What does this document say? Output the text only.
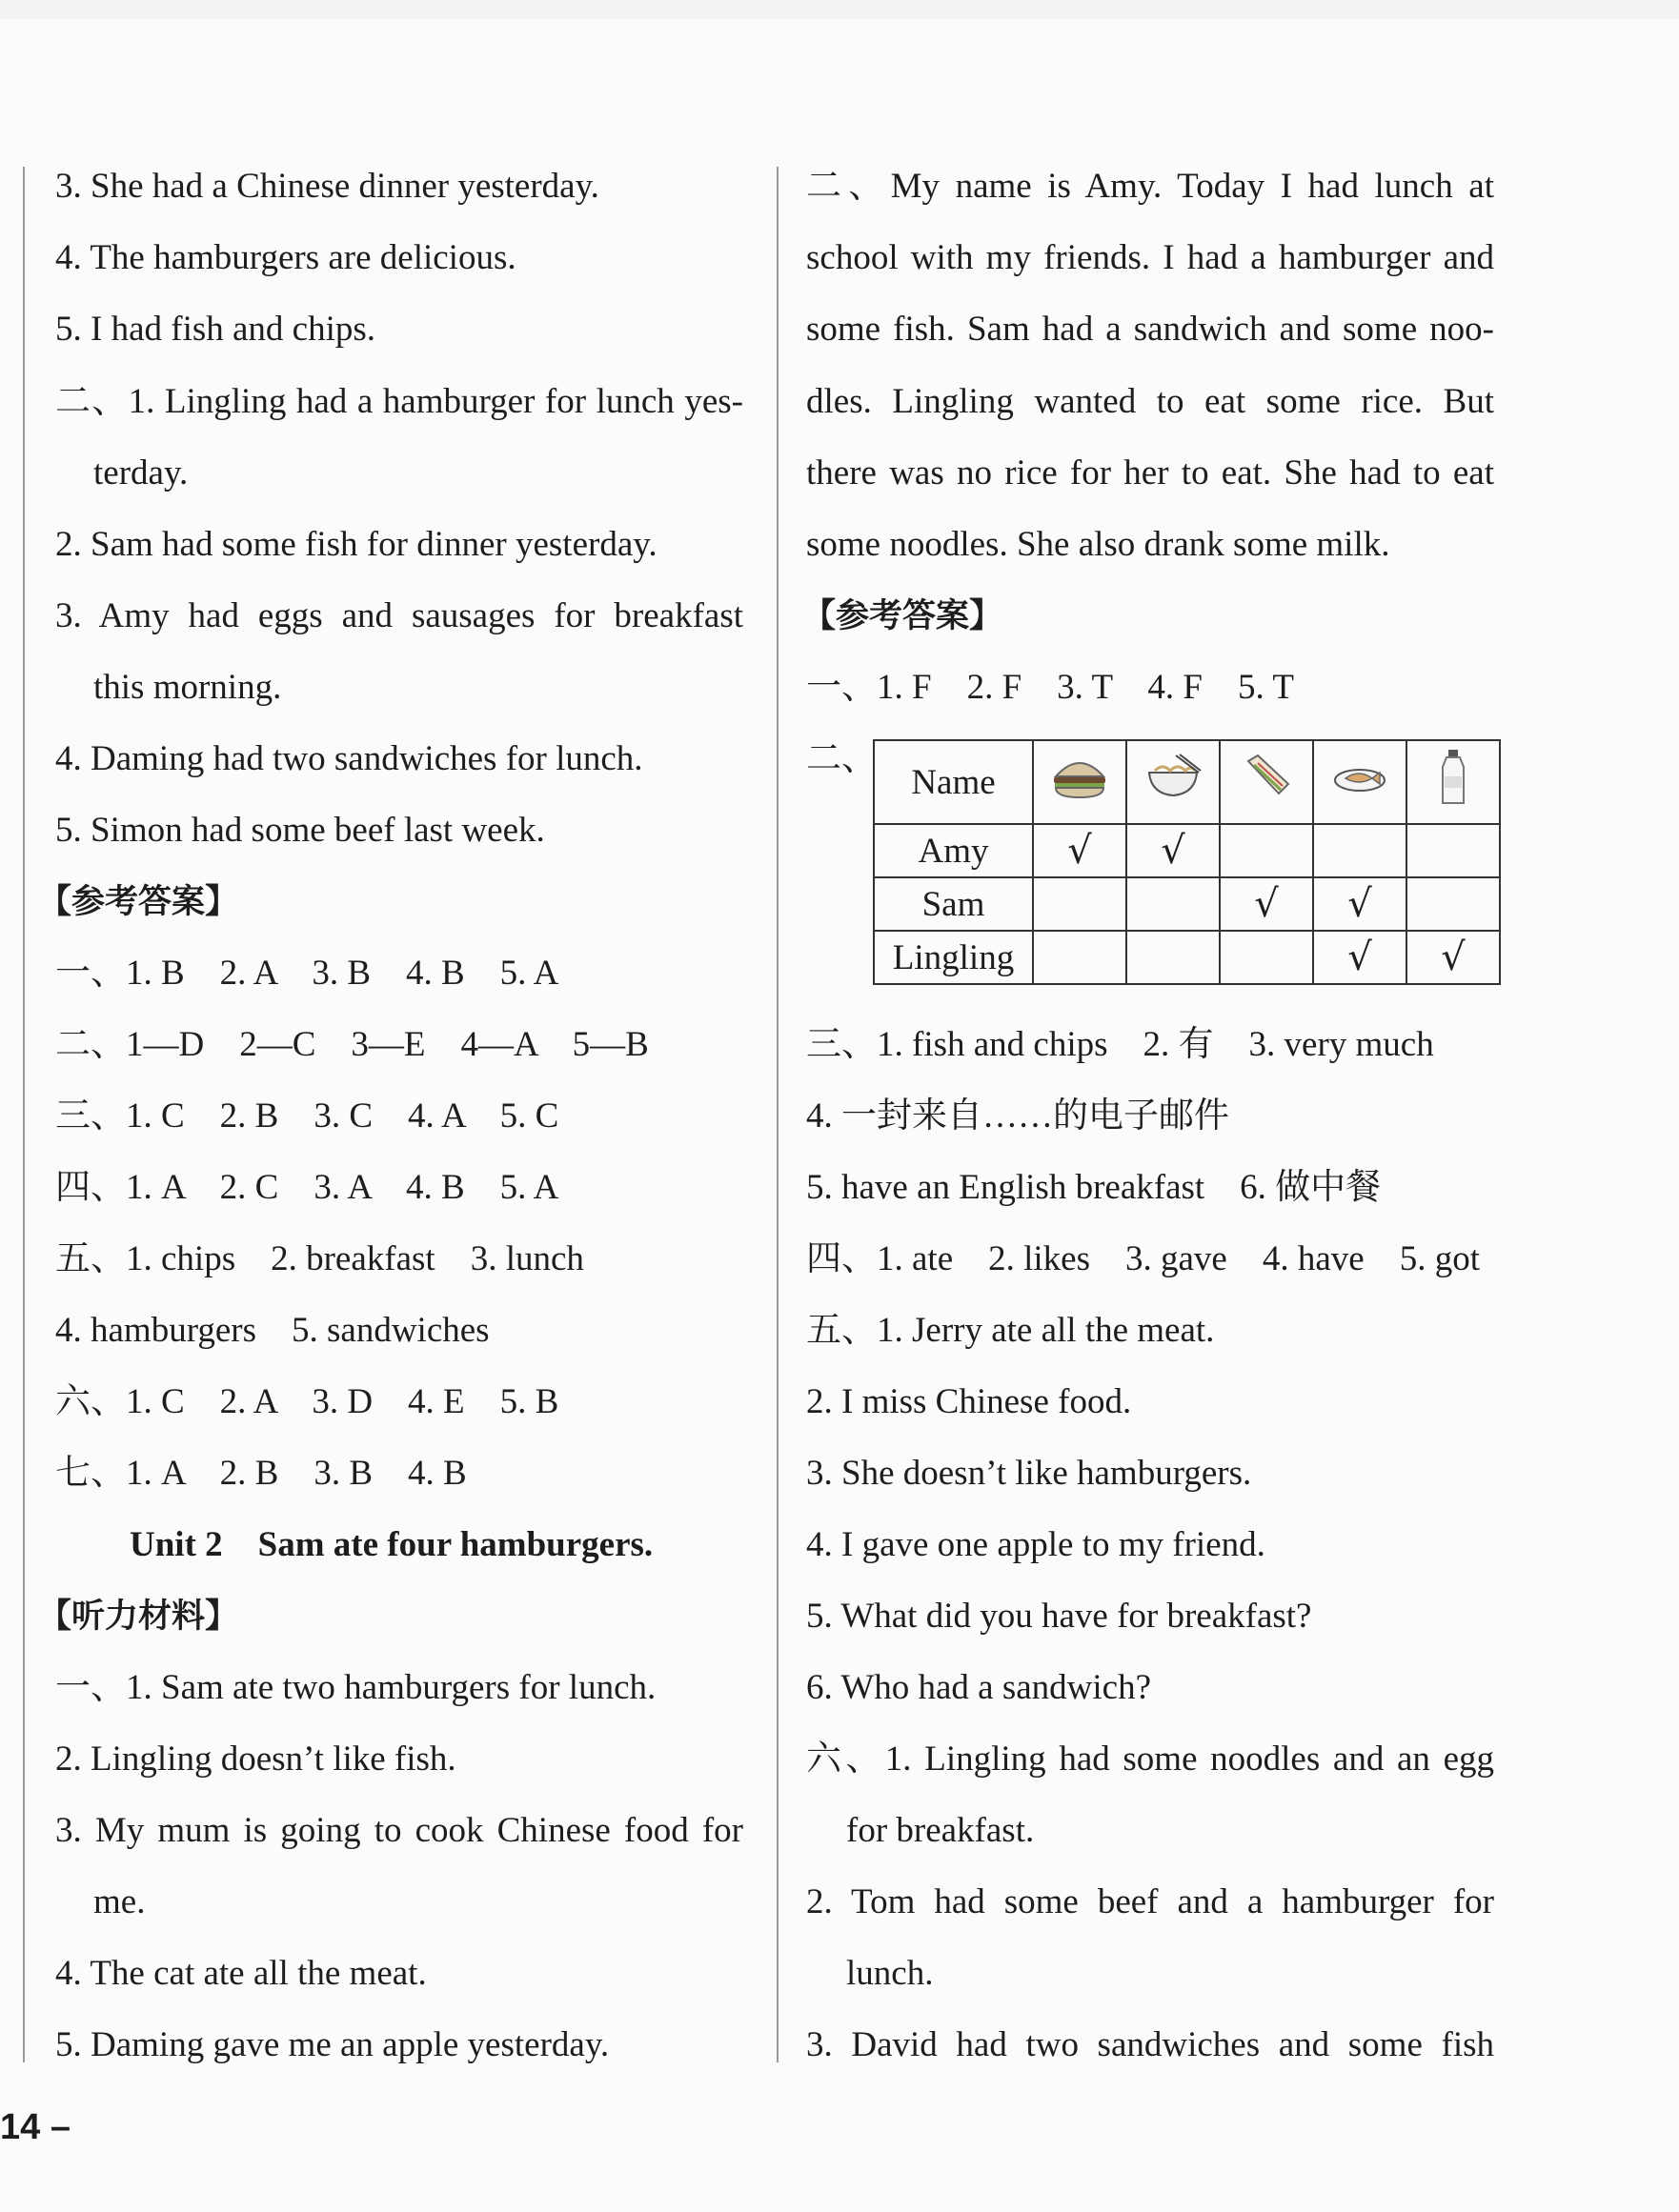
3. She had a Chinese dinner yesterday.
4. The hamburgers are delicious.
5. I had fish and chips.
二、1. Lingling had a hamburger for lunch yes-
terday.
2. Sam had some fish for dinner yesterday.
3. Amy had eggs and sausages for breakfast
this morning.
4. Daming had two sandwiches for lunch.
5. Simon had some beef last week.
【参考答案】
一、1. B    2. A    3. B    4. B    5. A
二、1—D    2—C    3—E    4—A    5—B
三、1. C    2. B    3. C    4. A    5. C
四、1. A    2. C    3. A    4. B    5. A
五、1. chips    2. breakfast    3. lunch
4. hamburgers    5. sandwiches
六、1. C    2. A    3. D    4. E    5. B
七、1. A    2. B    3. B    4. B
Unit 2    Sam ate four hamburgers.
【听力材料】
一、1. Sam ate two hamburgers for lunch.
2. Lingling doesn’t like fish.
3. My mum is going to cook Chinese food for
me.
4. The cat ate all the meat.
5. Daming gave me an apple yesterday.
二、My name is Amy. Today I had lunch at
school with my friends. I had a hamburger and
some fish. Sam had a sandwich and some noo-
dles. Lingling wanted to eat some rice. But
there was no rice for her to eat. She had to eat
some noodles. She also drank some milk.
【参考答案】
一、1. F    2. F    3. T    4. F    5. T
二、
Name					
Amy	√	√			
Sam			√	√	
Lingling				√	√
三、1. fish and chips    2. 有    3. very much
4. 一封来自……的电子邮件
5. have an English breakfast    6. 做中餐
四、1. ate    2. likes    3. gave    4. have    5. got
五、1. Jerry ate all the meat.
2. I miss Chinese food.
3. She doesn’t like hamburgers.
4. I gave one apple to my friend.
5. What did you have for breakfast?
6. Who had a sandwich?
六、1. Lingling had some noodles and an egg
for breakfast.
2. Tom had some beef and a hamburger for
lunch.
3. David had two sandwiches and some fish
14 –
